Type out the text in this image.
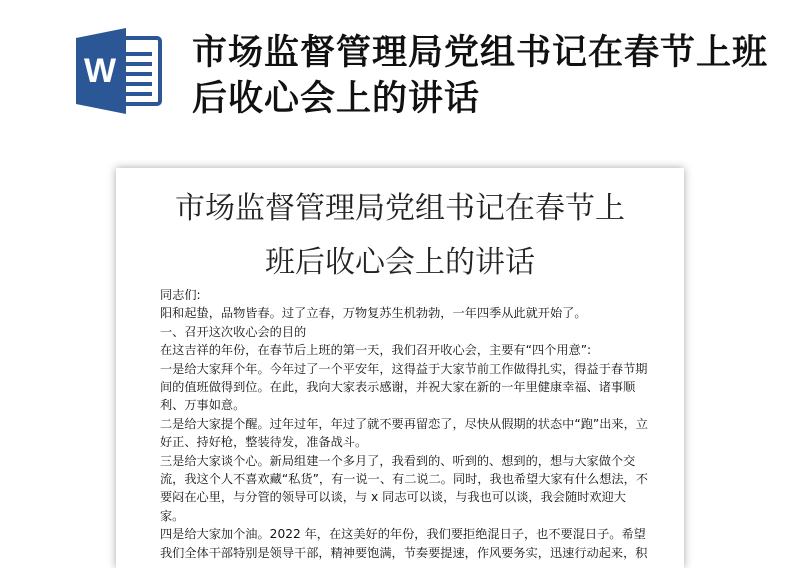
W 市场监督管理局党组书记在春节上班后收心会上的讲话
市场监督管理局党组书记在春节上
班后收心会上的讲话

同志们:

阳和起蛰，品物皆春。过了立春，万物复苏生机勃勃，一年四季从此就开始了。

一、召开这次收心会的目的

在这吉祥的年份，在春节后上班的第一天，我们召开收心会，主要有“四个用意”:

一是给大家拜个年。今年过了一个平安年，这得益于大家节前工作做得扎实，得益于春节期间的值班做得到位。在此，我向大家表示感谢，并祝大家在新的一年里健康幸福、诸事顺利、万事如意。

二是给大家提个醒。过年过年，年过了就不要再留恋了，尽快从假期的状态中“跑”出来，立好正、持好枪，整装待发，准备战斗。

三是给大家谈个心。新局组建一个多月了，我看到的、听到的、想到的，想与大家做个交流，我这个人不喜欢藏“私货”，有一说一、有二说二。同时，我也希望大家有什么想法，不要闷在心里，与分管的领导可以谈，与 x 同志可以谈，与我也可以谈，我会随时欢迎大家。

四是给大家加个油。2022 年，在这美好的年份，我们要拒绝混日子，也不要混日子。希望我们全体干部特别是领导干部，精神要饱满，节奏要提速，作风要务实，迅速行动起来，积
